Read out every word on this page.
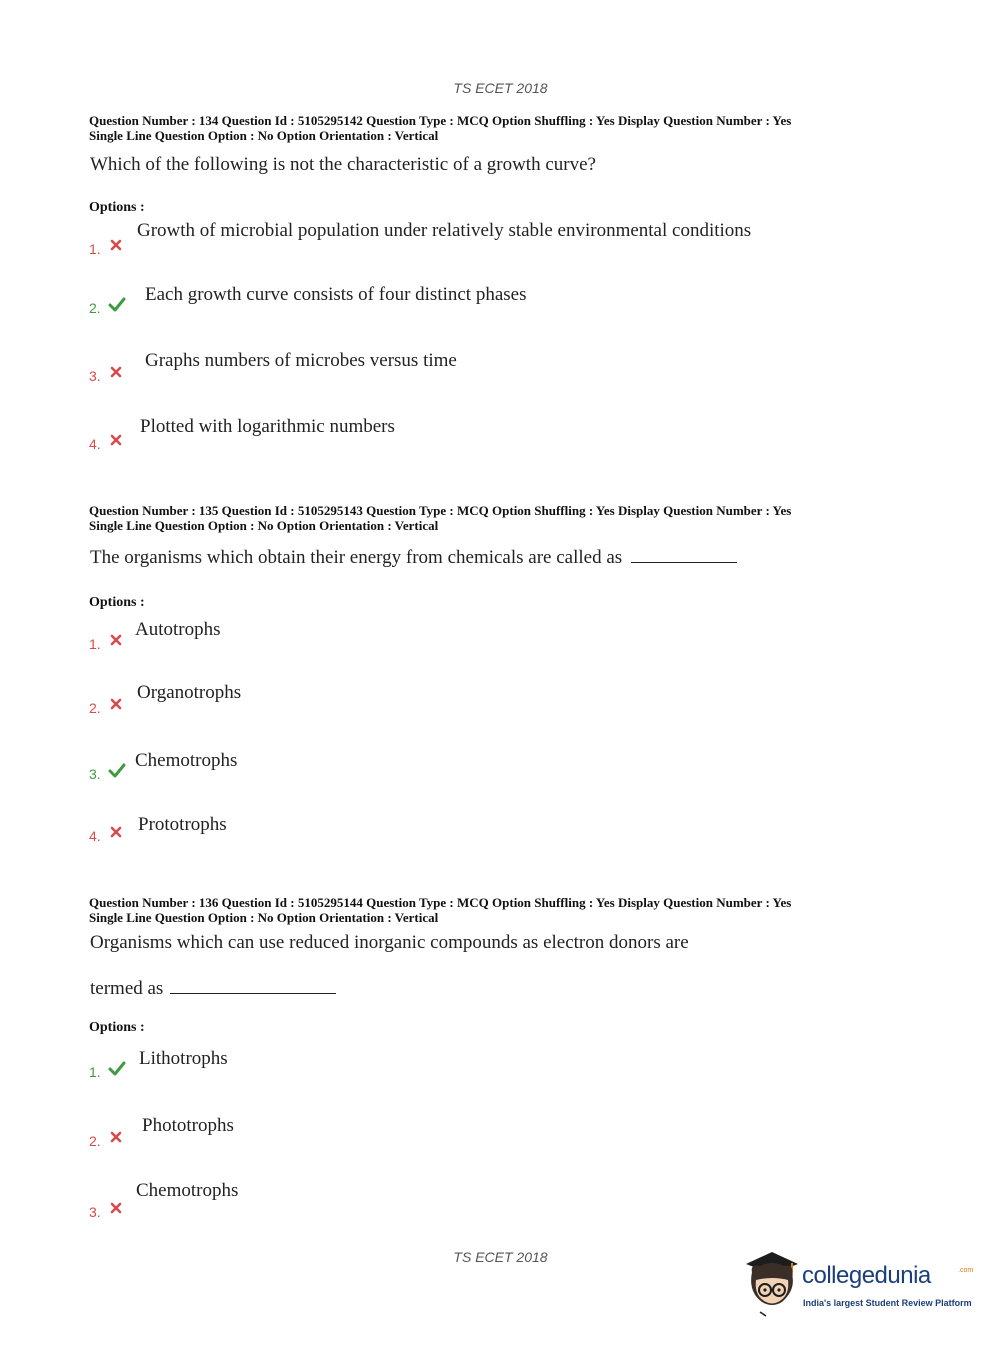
TS ECET 2018
Question Number : 134 Question Id : 5105295142 Question Type : MCQ Option Shuffling : Yes Display Question Number : Yes
Single Line Question Option : No Option Orientation : Vertical
Which of the following is not the characteristic of a growth curve?
Options :
1.
Growth of microbial population under relatively stable environmental conditions
2.
Each growth curve consists of four distinct phases
3.
Graphs numbers of microbes versus time
4.
Plotted with logarithmic numbers
Question Number : 135 Question Id : 5105295143 Question Type : MCQ Option Shuffling : Yes Display Question Number : Yes
Single Line Question Option : No Option Orientation : Vertical
The organisms which obtain their energy from chemicals are called as
Options :
1.
Autotrophs
2.
Organotrophs
3.
Chemotrophs
4.
Prototrophs
Question Number : 136 Question Id : 5105295144 Question Type : MCQ Option Shuffling : Yes Display Question Number : Yes
Single Line Question Option : No Option Orientation : Vertical
Organisms which can use reduced inorganic compounds as electron donors are
termed as
Options :
1.
Lithotrophs
2.
Phototrophs
3.
Chemotrophs
TS ECET 2018
collegedunia	.com
India's largest Student Review Platform
